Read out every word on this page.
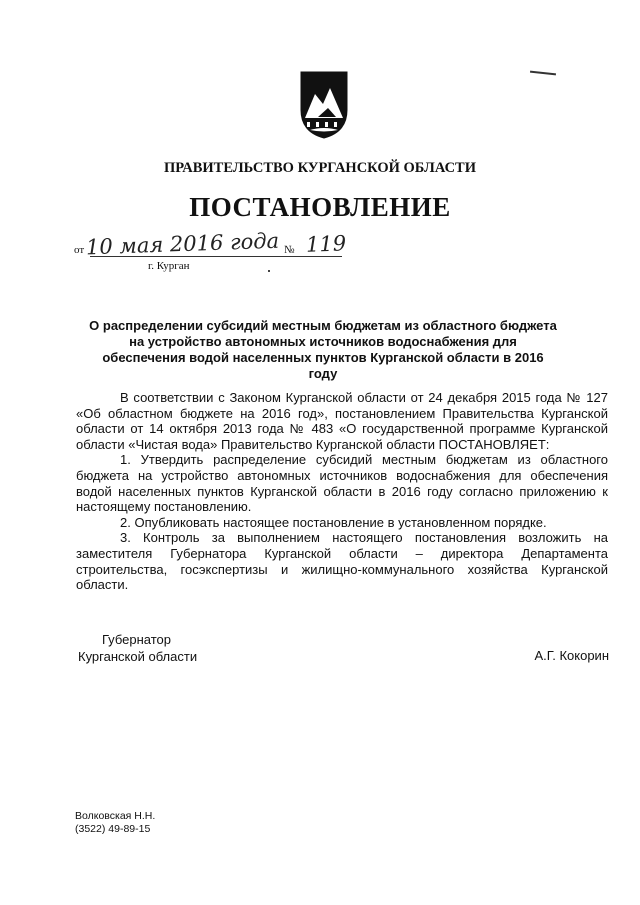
ПРАВИТЕЛЬСТВО КУРГАНСКОЙ ОБЛАСТИ
ПОСТАНОВЛЕНИЕ
от 10 мая 2016 года № 119
г. Курган
О распределении субсидий местным бюджетам из областного бюджета на устройство автономных источников водоснабжения для обеспечения водой населенных пунктов Курганской области в 2016 году

В соответствии с Законом Курганской области от 24 декабря 2015 года № 127 «Об областном бюджете на 2016 год», постановлением Правительства Курганской области от 14 октября 2013 года № 483 «О государственной программе Курганской области «Чистая вода» Правительство Курганской области ПОСТАНОВЛЯЕТ:

1. Утвердить распределение субсидий местным бюджетам из областного бюджета на устройство автономных источников водоснабжения для обеспечения водой населенных пунктов Курганской области в 2016 году согласно приложению к настоящему постановлению.

2. Опубликовать настоящее постановление в установленном порядке.

3. Контроль за выполнением настоящего постановления возложить на заместителя Губернатора Курганской области – директора Департамента строительства, госэкспертизы и жилищно-коммунального хозяйства Курганской области.

Губернатор
Курганской области	А.Г. Кокорин
Волковская Н.Н.
(3522) 49-89-15
